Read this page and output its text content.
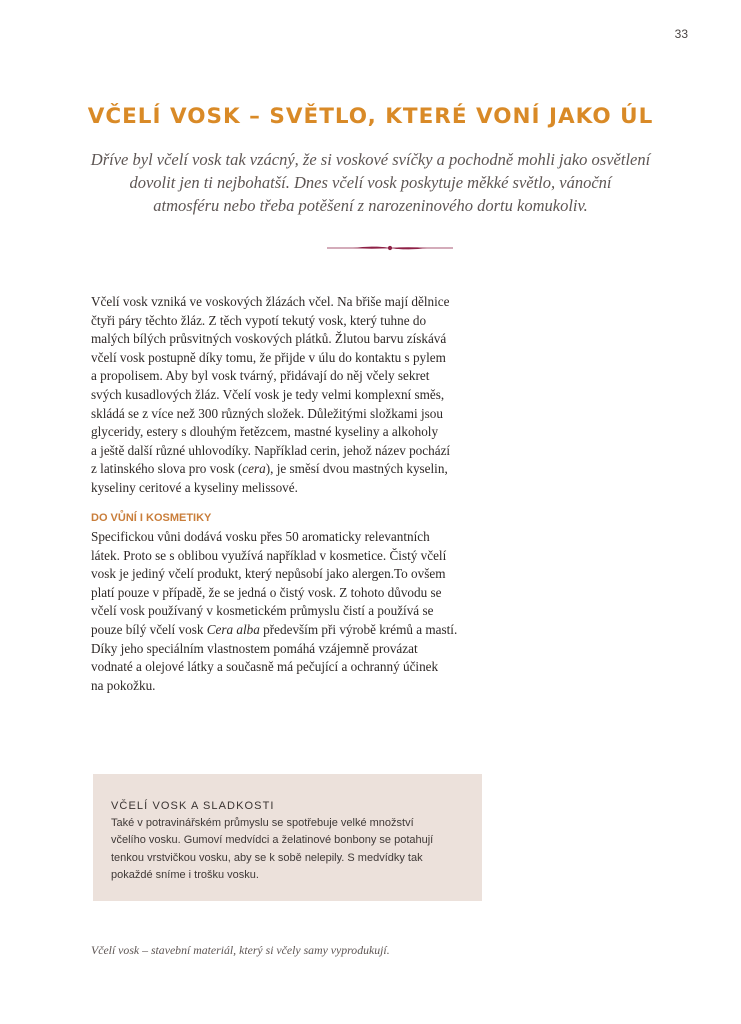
33
VČELÍ VOSK – SVĚTLO, KTERÉ VONÍ JAKO ÚL
Dříve byl včelí vosk tak vzácný, že si voskové svíčky a pochodně mohli jako osvětlení
dovolit jen ti nejbohatší. Dnes včelí vosk poskytuje měkké světlo, vánoční
atmosféru nebo třeba potěšení z narozeninového dortu komukoliv.
Včelí vosk vzniká ve voskových žlázách včel. Na břiše mají dělnice
čtyři páry těchto žláz. Z těch vypotí tekutý vosk, který tuhne do
malých bílých průsvitných voskových plátků. Žlutou barvu získává
včelí vosk postupně díky tomu, že přijde v úlu do kontaktu s pylem
a propolisem. Aby byl vosk tvárný, přidávají do něj včely sekret
svých kusadlových žláz. Včelí vosk je tedy velmi komplexní směs,
skládá se z více než 300 různých složek. Důležitými složkami jsou
glyceridy, estery s dlouhým řetězcem, mastné kyseliny a alkoholy
a ještě další různé uhlovodíky. Například cerin, jehož název pochází
z latinského slova pro vosk (cera), je směsí dvou mastných kyselin,
kyseliny ceritové a kyseliny melissové.
DO VŮNÍ I KOSMETIKY
Specifickou vůni dodává vosku přes 50 aromaticky relevantních
látek. Proto se s oblibou využívá například v kosmetice. Čistý včelí
vosk je jediný včelí produkt, který nepůsobí jako alergen.To ovšem
platí pouze v případě, že se jedná o čistý vosk. Z tohoto důvodu se
včelí vosk používaný v kosmetickém průmyslu čistí a používá se
pouze bílý včelí vosk Cera alba především při výrobě krémů a mastí.
Díky jeho speciálním vlastnostem pomáhá vzájemně provázat
vodnaté a olejové látky a současně má pečující a ochranný účinek
na pokožku.
VČELÍ VOSK A SLADKOSTI
Také v potravinářském průmyslu se spotřebuje velké množství
včelího vosku. Gumoví medvídci a želatinové bonbony se potahují
tenkou vrstvičkou vosku, aby se k sobě nelepily. S medvídky tak
pokaždé sníme i trošku vosku.

Včelí vosk – stavební materiál, který si včely samy vyprodukují.
